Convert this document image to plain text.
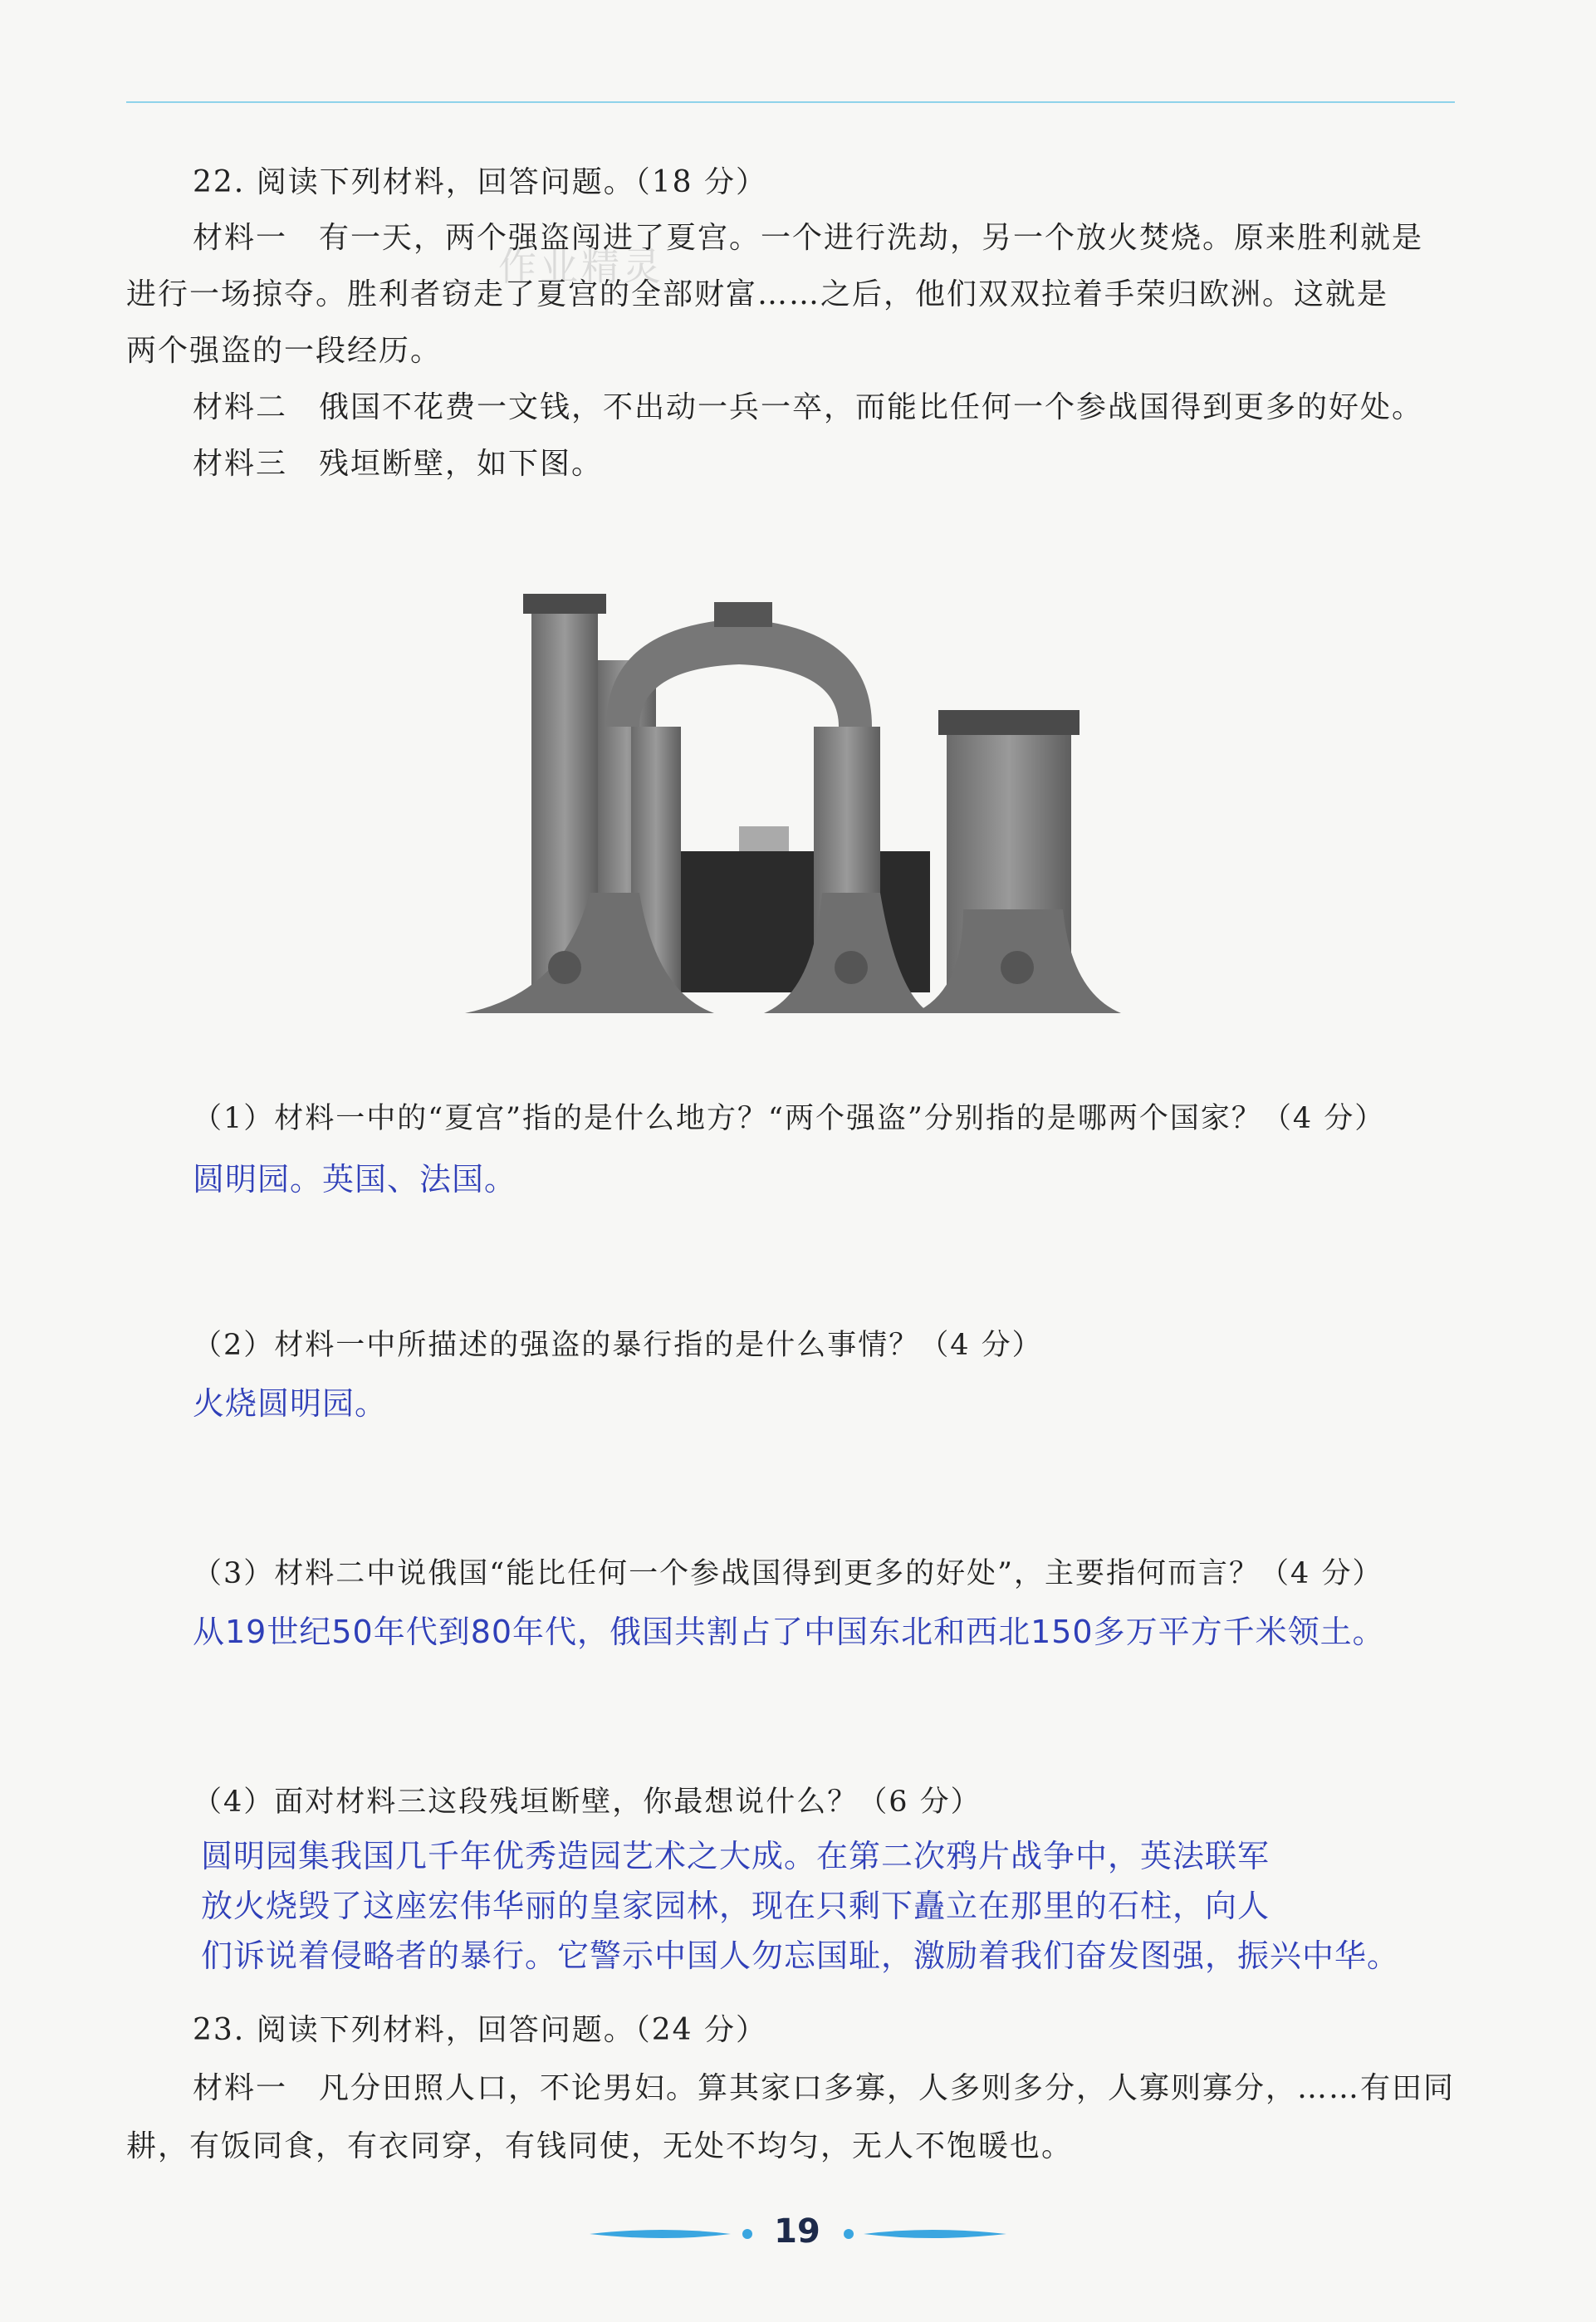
22. 阅读下列材料，回答问题。（18 分）
材料一　有一天，两个强盗闯进了夏宫。一个进行洗劫，另一个放火焚烧。原来胜利就是
进行一场掠夺。胜利者窃走了夏宫的全部财富……之后，他们双双拉着手荣归欧洲。这就是
两个强盗的一段经历。
材料二　俄国不花费一文钱，不出动一兵一卒，而能比任何一个参战国得到更多的好处。
材料三　残垣断壁，如下图。
作业精灵
（1）材料一中的“夏宫”指的是什么地方？“两个强盗”分别指的是哪两个国家？（4 分）
圆明园。英国、法国。
（2）材料一中所描述的强盗的暴行指的是什么事情？（4 分）
火烧圆明园。
（3）材料二中说俄国“能比任何一个参战国得到更多的好处”，主要指何而言？（4 分）
从19世纪50年代到80年代，俄国共割占了中国东北和西北150多万平方千米领土。
（4）面对材料三这段残垣断壁，你最想说什么？（6 分）
圆明园集我国几千年优秀造园艺术之大成。在第二次鸦片战争中，英法联军
放火烧毁了这座宏伟华丽的皇家园林，现在只剩下矗立在那里的石柱，向人
们诉说着侵略者的暴行。它警示中国人勿忘国耻，激励着我们奋发图强，振兴中华。
23. 阅读下列材料，回答问题。（24 分）
材料一　凡分田照人口，不论男妇。算其家口多寡，人多则多分，人寡则寡分，……有田同
耕，有饭同食，有衣同穿，有钱同使，无处不均匀，无人不饱暖也。
19
